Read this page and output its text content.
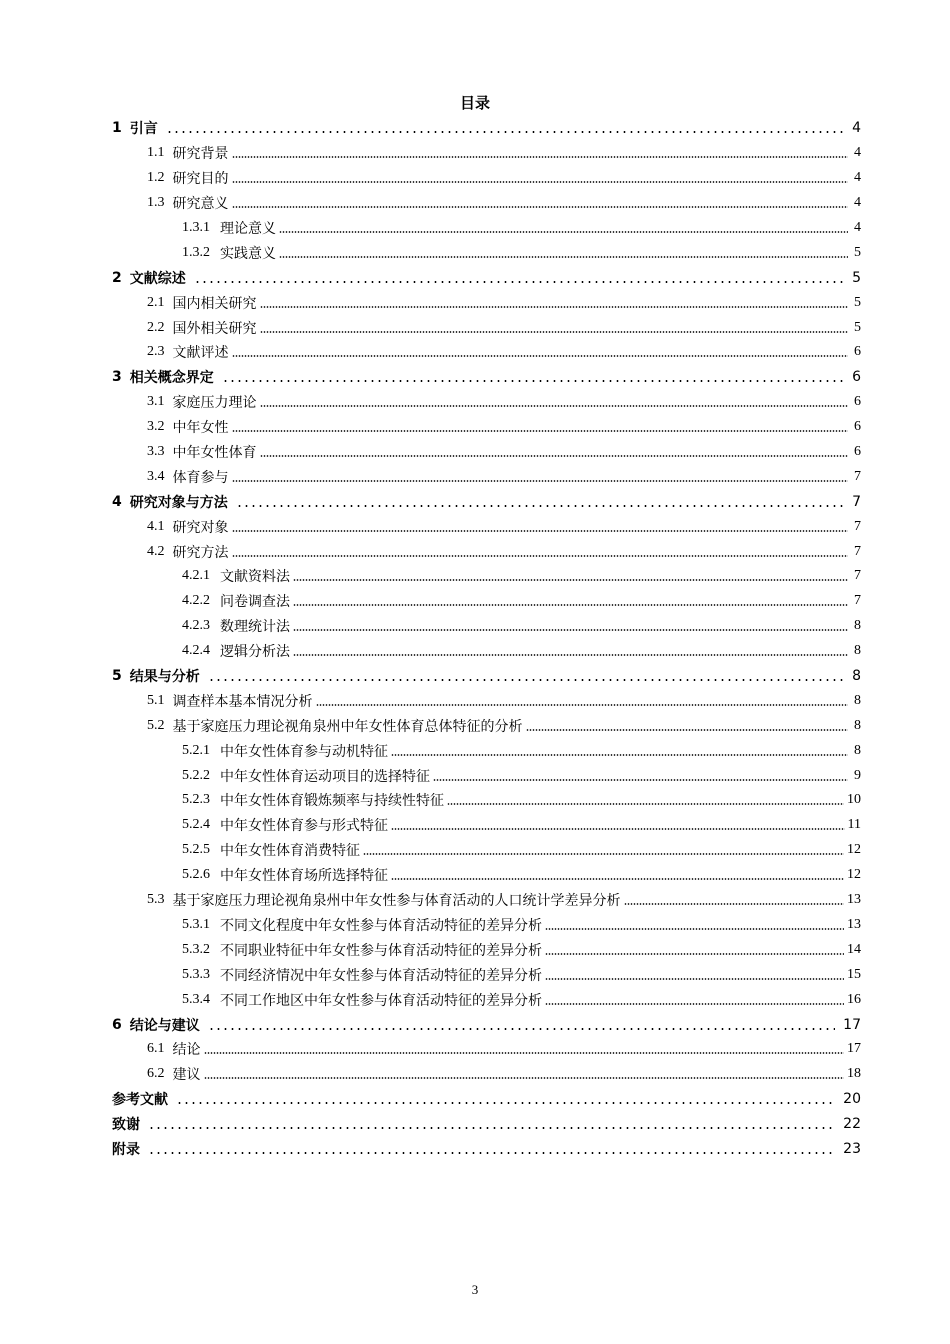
目录
1 引言	4
1.1 研究背景	4
1.2 研究目的	4
1.3 研究意义	4
1.3.1 理论意义	4
1.3.2 实践意义	5
2 文献综述	5
2.1 国内相关研究	5
2.2 国外相关研究	5
2.3 文献评述	6
3 相关概念界定	6
3.1 家庭压力理论	6
3.2 中年女性	6
3.3 中年女性体育	6
3.4 体育参与	7
4 研究对象与方法	7
4.1 研究对象	7
4.2 研究方法	7
4.2.1 文献资料法	7
4.2.2 问卷调查法	7
4.2.3 数理统计法	8
4.2.4 逻辑分析法	8
5 结果与分析	8
5.1 调查样本基本情况分析	8
5.2 基于家庭压力理论视角泉州中年女性体育总体特征的分析	8
5.2.1 中年女性体育参与动机特征	8
5.2.2 中年女性体育运动项目的选择特征	9
5.2.3 中年女性体育锻炼频率与持续性特征	10
5.2.4 中年女性体育参与形式特征	11
5.2.5 中年女性体育消费特征	12
5.2.6 中年女性体育场所选择特征	12
5.3 基于家庭压力理论视角泉州中年女性参与体育活动的人口统计学差异分析	13
5.3.1 不同文化程度中年女性参与体育活动特征的差异分析	13
5.3.2 不同职业特征中年女性参与体育活动特征的差异分析	14
5.3.3 不同经济情况中年女性参与体育活动特征的差异分析	15
5.3.4 不同工作地区中年女性参与体育活动特征的差异分析	16
6 结论与建议	17
6.1 结论	17
6.2 建议	18
参考文献	20
致谢	22
附录	23
3
